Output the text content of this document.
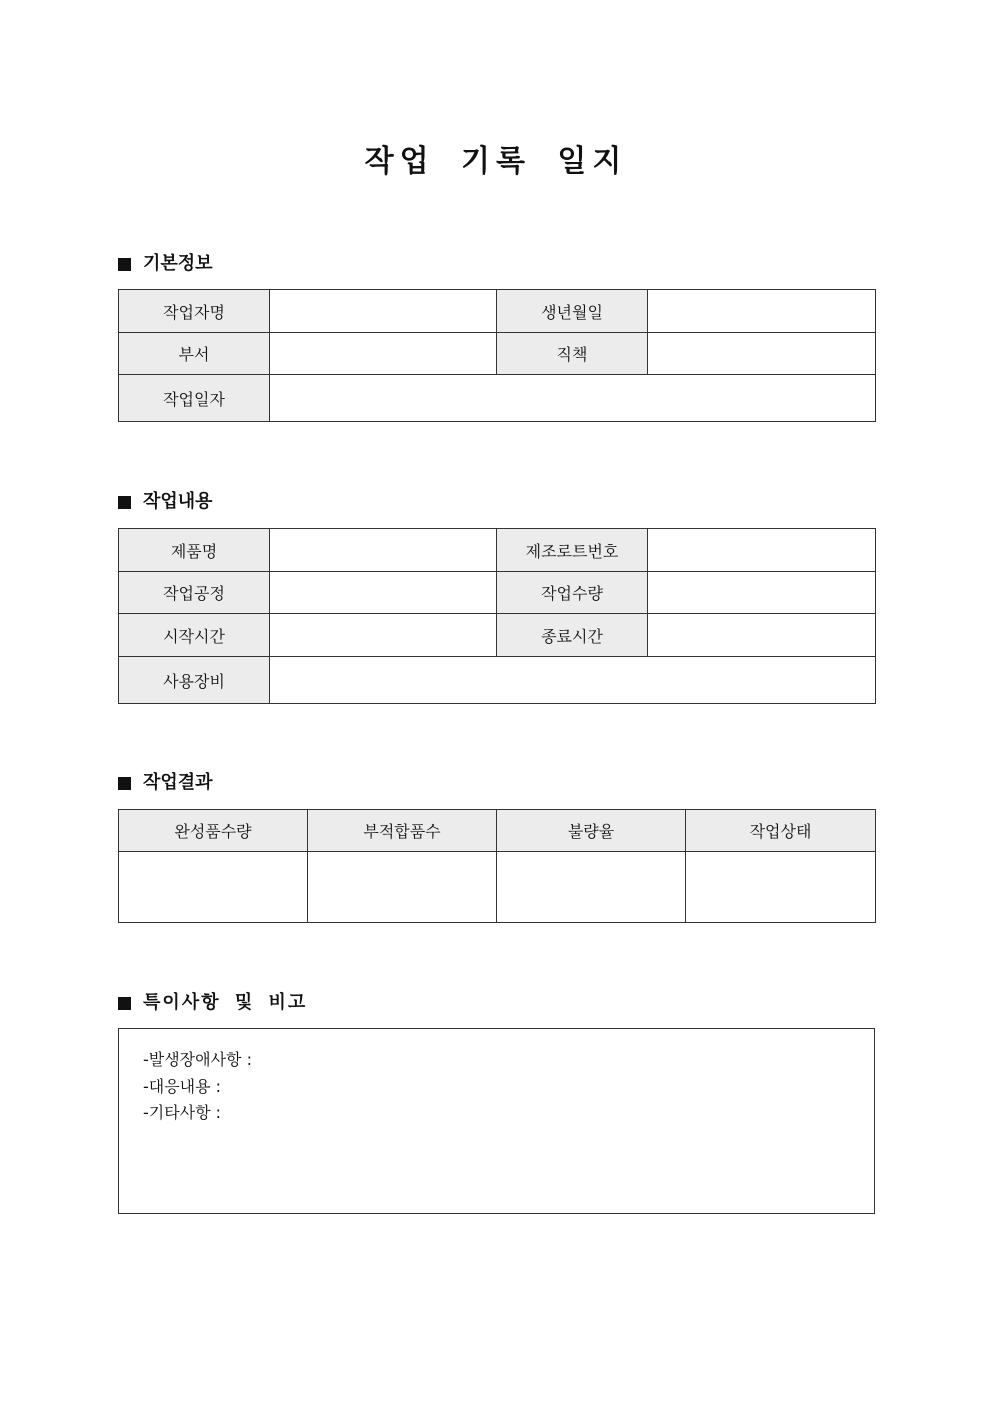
작업 기록 일지
기본정보
작업자명		생년월일	
부서		직책	
작업일자			
작업내용
제품명		제조로트번호	
작업공정		작업수량	
시작시간		종료시간	
사용장비			
작업결과
완성품수량	부적합품수	불량율	작업상태

특이사항 및 비고
-발생장애사항 :
-대응내용 :
-기타사항 :
